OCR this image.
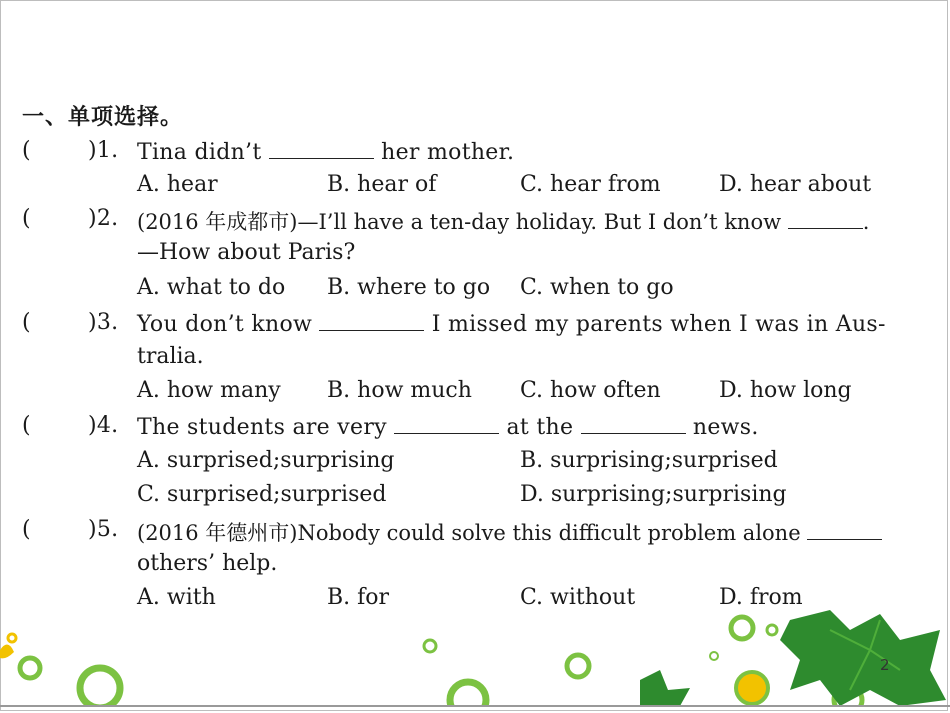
一、单项选择。
(	)1. Tina didn’t	her mother.
A. hear	B. hear of	C. hear from	D. hear about
(	)2. (2016 年成都市)—I’ll have a ten-day holiday. But I don’t know	.
—How about Paris?
A. what to do B. where to go C. when to go
(	)3. You don’t know	I missed my parents when I was in Aus-
tralia.
A. how many B. how much C. how often	D. how long
(	)4. The students are very	at the	news.
A. surprised;surprising	B. surprising;surprised
C. surprised;surprised	D. surprising;surprising
(	)5. (2016 年德州市)Nobody could solve this difficult problem alone
others’ help.
A. with	B. for	C. without	D. from
2
